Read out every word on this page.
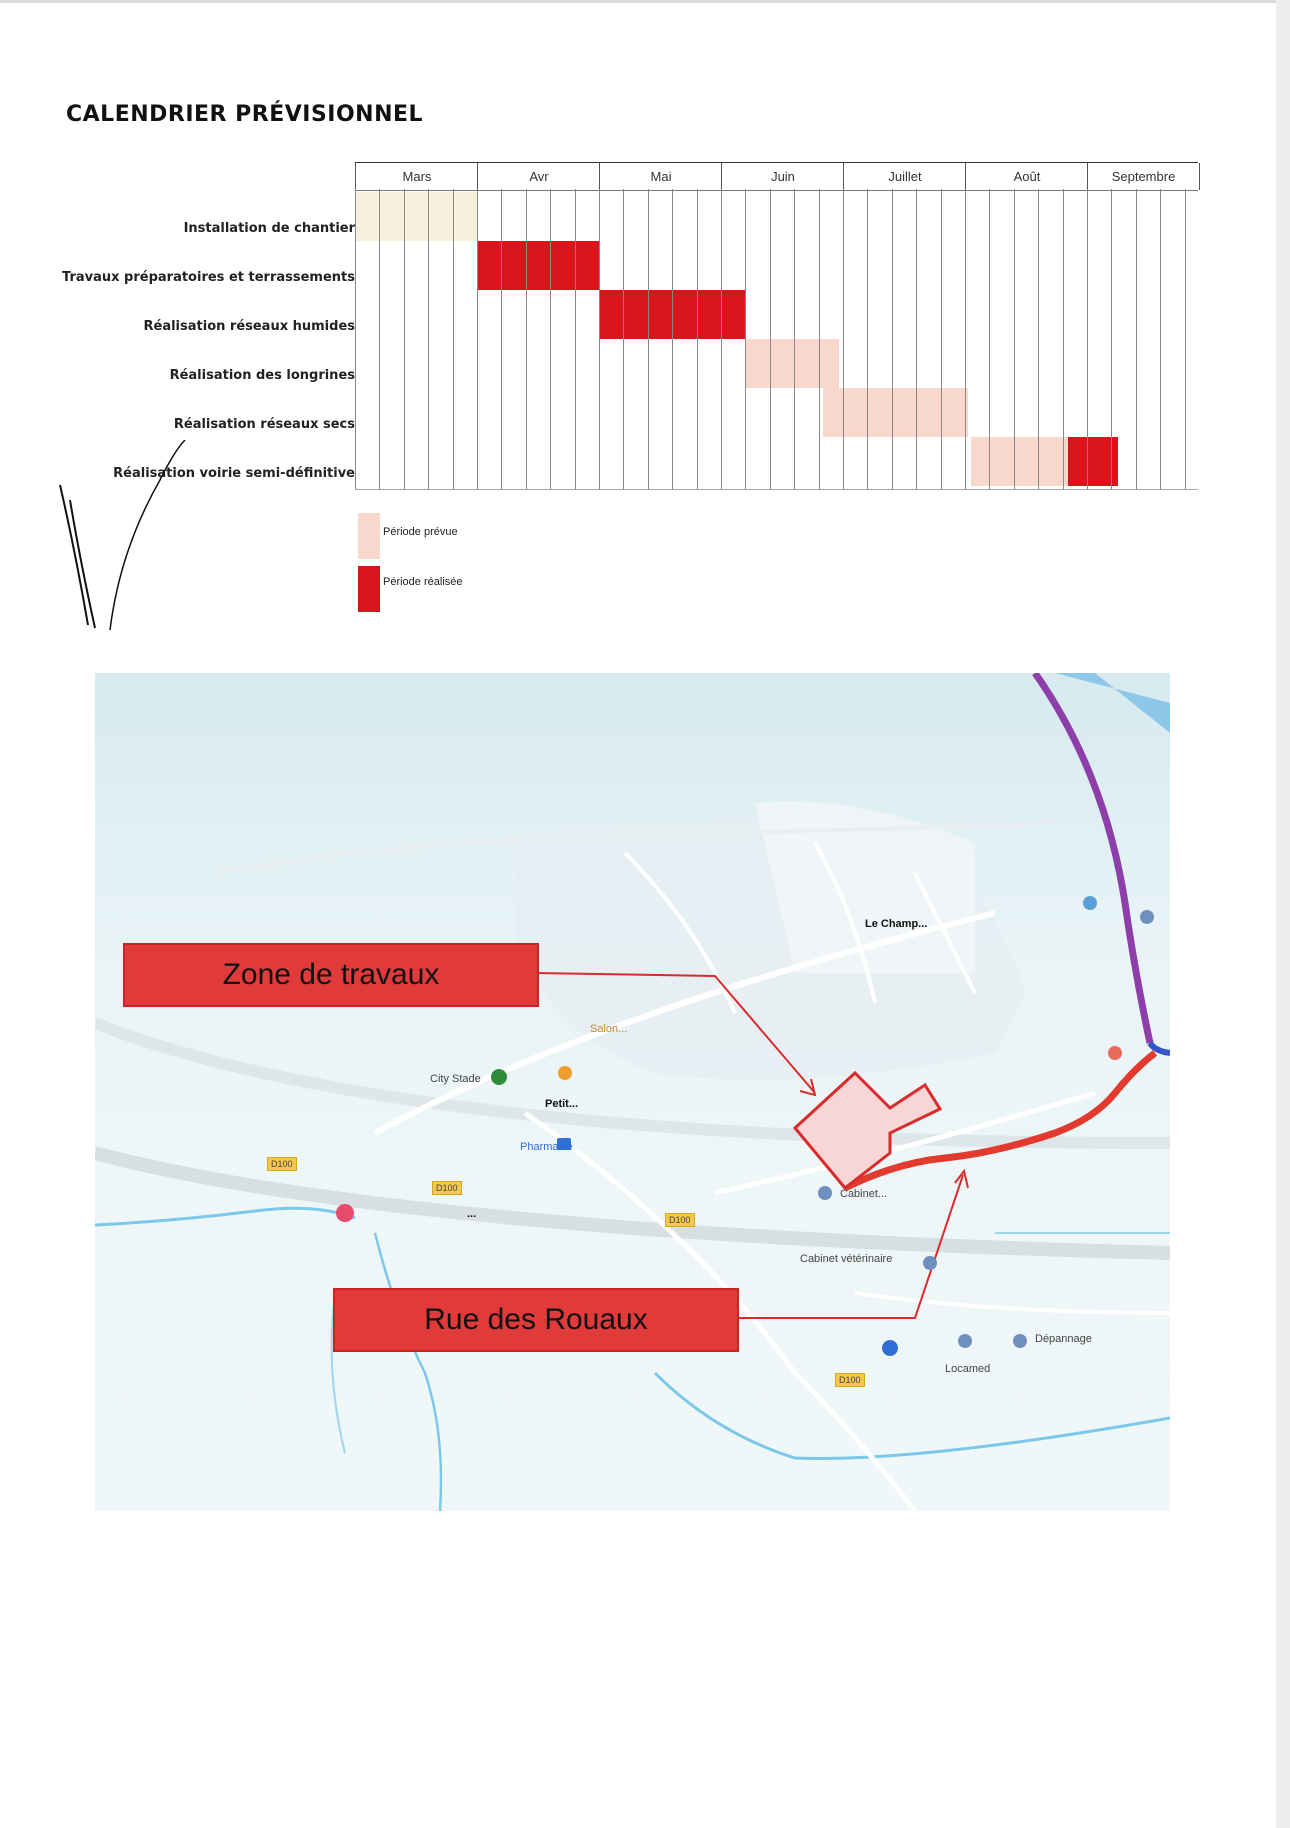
CALENDRIER PRÉVISIONNEL
Installation de chantier
Travaux préparatoires et terrassements
Réalisation réseaux humides
Réalisation des longrines
Réalisation réseaux secs
Réalisation voirie semi-définitive
Mars	Avr	Mai	Juin	Juillet	Août	Septembre
Période prévue
Période réalisée
City Stade
Petit...
...
Le Champ...
Salon...
Cabinet...
Pharmacie
Locamed
Dépannage
Cabinet vétérinaire
D100
D100
D100
D100
Zone de travaux
Rue des Rouaux
